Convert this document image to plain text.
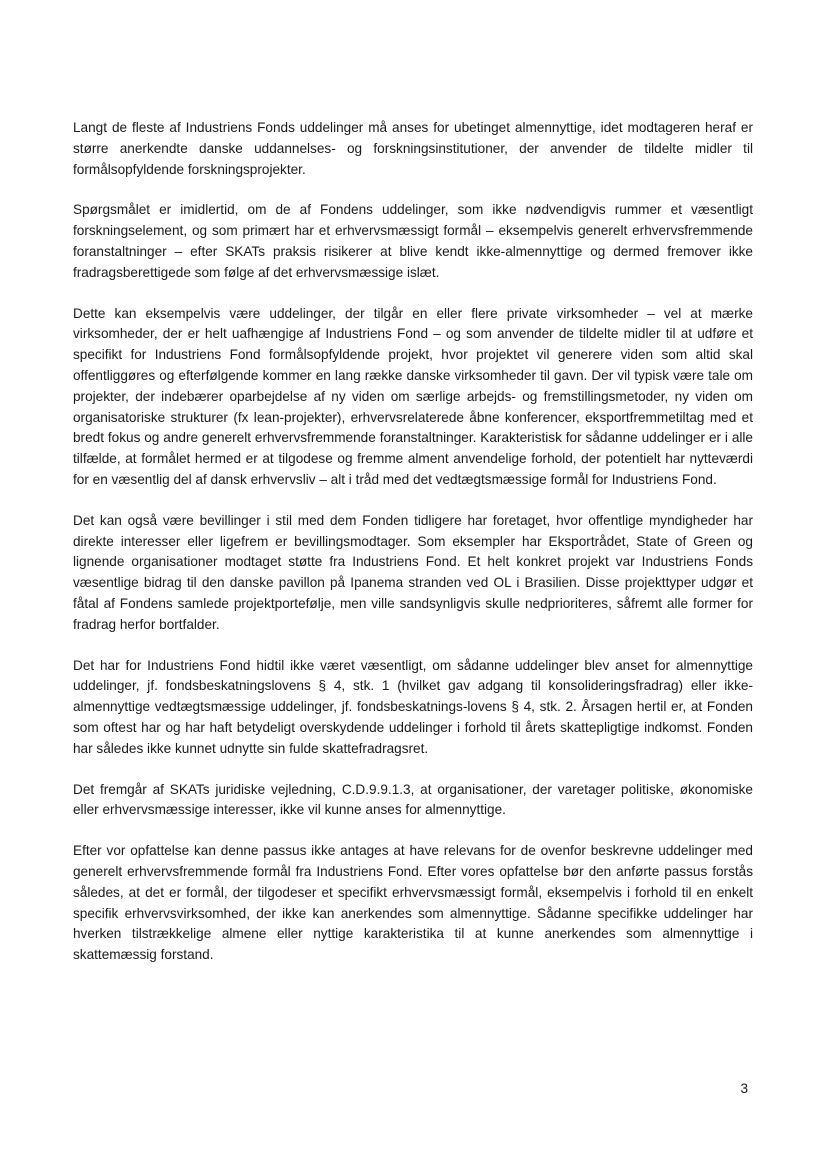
Langt de fleste af Industriens Fonds uddelinger må anses for ubetinget almennyttige, idet modtageren heraf er større anerkendte danske uddannelses- og forskningsinstitutioner, der anvender de tildelte midler til formålsopfyldende forskningsprojekter.

Spørgsmålet er imidlertid, om de af Fondens uddelinger, som ikke nødvendigvis rummer et væsentligt forskningselement, og som primært har et erhvervsmæssigt formål – eksempelvis generelt erhvervsfremmende foranstaltninger – efter SKATs praksis risikerer at blive kendt ikke-almennyttige og dermed fremover ikke fradragsberettigede som følge af det erhvervsmæssige islæt.

Dette kan eksempelvis være uddelinger, der tilgår en eller flere private virksomheder – vel at mærke virksomheder, der er helt uafhængige af Industriens Fond – og som anvender de tildelte midler til at udføre et specifikt for Industriens Fond formålsopfyldende projekt, hvor projektet vil generere viden som altid skal offentliggøres og efterfølgende kommer en lang række danske virksomheder til gavn. Der vil typisk være tale om projekter, der indebærer oparbejdelse af ny viden om særlige arbejds- og fremstillingsmetoder, ny viden om organisatoriske strukturer (fx lean-projekter), erhvervsrelaterede åbne konferencer, eksportfremmetiltag med et bredt fokus og andre generelt erhvervsfremmende foranstaltninger. Karakteristisk for sådanne uddelinger er i alle tilfælde, at formålet hermed er at tilgodese og fremme alment anvendelige forhold, der potentielt har nytteværdi for en væsentlig del af dansk erhvervsliv – alt i tråd med det vedtægtsmæssige formål for Industriens Fond.

Det kan også være bevillinger i stil med dem Fonden tidligere har foretaget, hvor offentlige myndigheder har direkte interesser eller ligefrem er bevillingsmodtager. Som eksempler har Eksportrådet, State of Green og lignende organisationer modtaget støtte fra Industriens Fond. Et helt konkret projekt var Industriens Fonds væsentlige bidrag til den danske pavillon på Ipanema stranden ved OL i Brasilien. Disse projekttyper udgør et fåtal af Fondens samlede projektportefølje, men ville sandsynligvis skulle nedprioriteres, såfremt alle former for fradrag herfor bortfalder.

Det har for Industriens Fond hidtil ikke været væsentligt, om sådanne uddelinger blev anset for almennyttige uddelinger, jf. fondsbeskatningslovens § 4, stk. 1 (hvilket gav adgang til konsolideringsfradrag) eller ikke-almennyttige vedtægtsmæssige uddelinger, jf. fondsbeskatnings-lovens § 4, stk. 2. Årsagen hertil er, at Fonden som oftest har og har haft betydeligt overskydende uddelinger i forhold til årets skattepligtige indkomst. Fonden har således ikke kunnet udnytte sin fulde skattefradragsret.

Det fremgår af SKATs juridiske vejledning, C.D.9.9.1.3, at organisationer, der varetager politiske, økonomiske eller erhvervsmæssige interesser, ikke vil kunne anses for almennyttige.

Efter vor opfattelse kan denne passus ikke antages at have relevans for de ovenfor beskrevne uddelinger med generelt erhvervsfremmende formål fra Industriens Fond. Efter vores opfattelse bør den anførte passus forstås således, at det er formål, der tilgodeser et specifikt erhvervsmæssigt formål, eksempelvis i forhold til en enkelt specifik erhvervsvirksomhed, der ikke kan anerkendes som almennyttige. Sådanne specifikke uddelinger har hverken tilstrækkelige almene eller nyttige karakteristika til at kunne anerkendes som almennyttige i skattemæssig forstand.

3
